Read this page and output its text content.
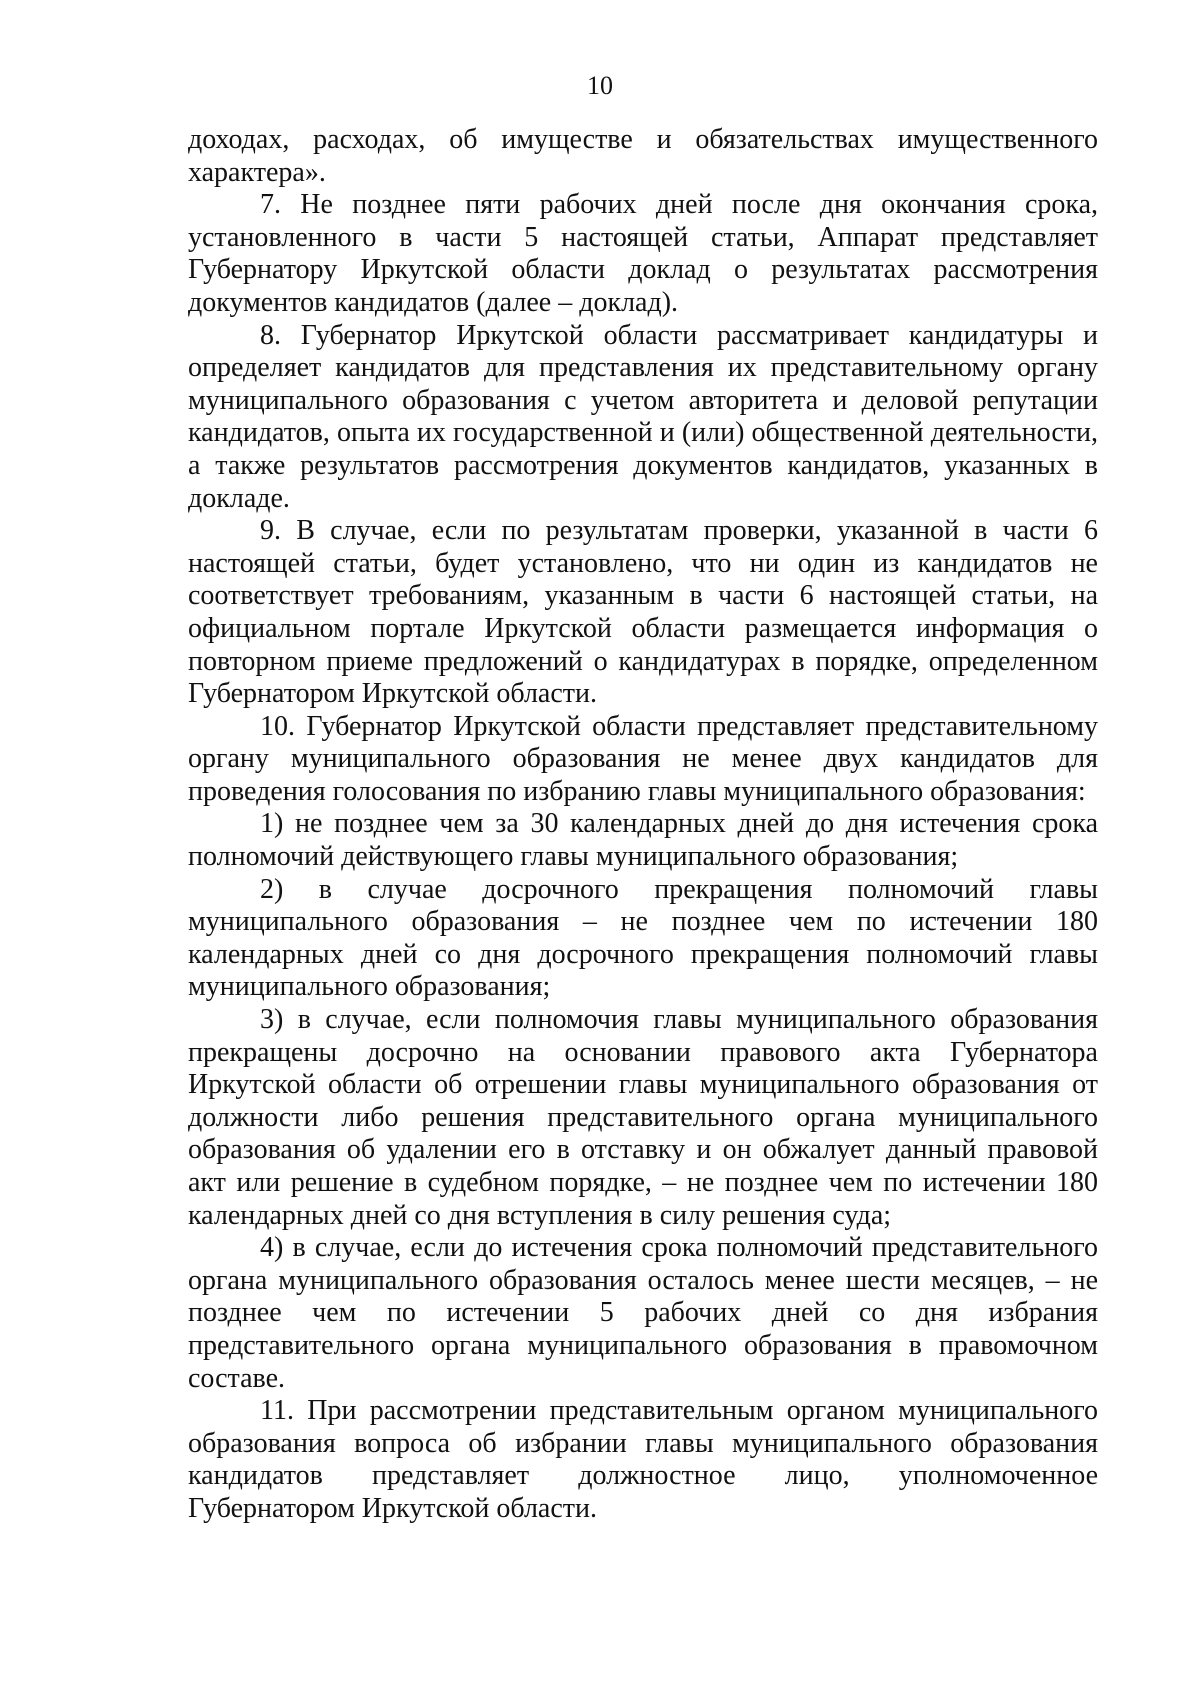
10

доходах, расходах, об имуществе и обязательствах имущественного характера».

7. Не позднее пяти рабочих дней после дня окончания срока, установленного в части 5 настоящей статьи, Аппарат представляет Губернатору Иркутской области доклад о результатах рассмотрения документов кандидатов (далее – доклад).

8. Губернатор Иркутской области рассматривает кандидатуры и определяет кандидатов для представления их представительному органу муниципального образования с учетом авторитета и деловой репутации кандидатов, опыта их государственной и (или) общественной деятельности, а также результатов рассмотрения документов кандидатов, указанных в докладе.

9. В случае, если по результатам проверки, указанной в части 6 настоящей статьи, будет установлено, что ни один из кандидатов не соответствует требованиям, указанным в части 6 настоящей статьи, на официальном портале Иркутской области размещается информация о повторном приеме предложений о кандидатурах в порядке, определенном Губернатором Иркутской области.

10. Губернатор Иркутской области представляет представительному органу муниципального образования не менее двух кандидатов для проведения голосования по избранию главы муниципального образования:

1) не позднее чем за 30 календарных дней до дня истечения срока полномочий действующего главы муниципального образования;

2) в случае досрочного прекращения полномочий главы муниципального образования – не позднее чем по истечении 180 календарных дней со дня досрочного прекращения полномочий главы муниципального образования;

3) в случае, если полномочия главы муниципального образования прекращены досрочно на основании правового акта Губернатора Иркутской области об отрешении главы муниципального образования от должности либо решения представительного органа муниципального образования об удалении его в отставку и он обжалует данный правовой акт или решение в судебном порядке, – не позднее чем по истечении 180 календарных дней со дня вступления в силу решения суда;

4) в случае, если до истечения срока полномочий представительного органа муниципального образования осталось менее шести месяцев, – не позднее чем по истечении 5 рабочих дней со дня избрания представительного органа муниципального образования в правомочном составе.

11. При рассмотрении представительным органом муниципального образования вопроса об избрании главы муниципального образования кандидатов представляет должностное лицо, уполномоченное Губернатором Иркутской области.
